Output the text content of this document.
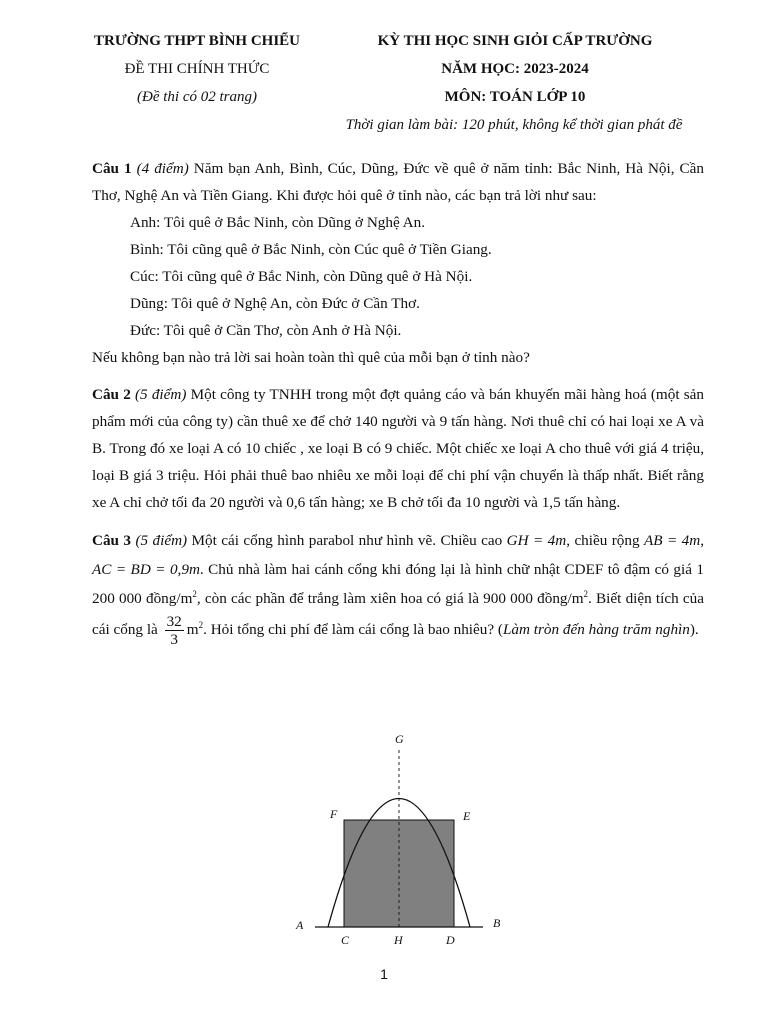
TRƯỜNG THPT BÌNH CHIỂU
ĐỀ THI CHÍNH THỨC
(Đề thi có 02 trang)
KỲ THI HỌC SINH GIỎI CẤP TRƯỜNG
NĂM HỌC: 2023-2024
MÔN: TOÁN LỚP 10
Thời gian làm bài: 120 phút, không kể thời gian phát đề

Câu 1 (4 điểm) Năm bạn Anh, Bình, Cúc, Dũng, Đức về quê ở năm tỉnh: Bắc Ninh, Hà Nội, Cần Thơ, Nghệ An và Tiền Giang. Khi được hỏi quê ở tỉnh nào, các bạn trả lời như sau:

Anh: Tôi quê ở Bắc Ninh, còn Dũng ở Nghệ An.

Bình: Tôi cũng quê ở Bắc Ninh, còn Cúc quê ở Tiền Giang.

Cúc: Tôi cũng quê ở Bắc Ninh, còn Dũng quê ở Hà Nội.

Dũng: Tôi quê ở Nghệ An, còn Đức ở Cần Thơ.

Đức: Tôi quê ở Cần Thơ, còn Anh ở Hà Nội.

Nếu không bạn nào trả lời sai hoàn toàn thì quê của mỗi bạn ở tỉnh nào?

Câu 2 (5 điểm) Một công ty TNHH trong một đợt quảng cáo và bán khuyến mãi hàng hoá (một sản phẩm mới của công ty) cần thuê xe để chở 140 người và 9 tấn hàng. Nơi thuê chỉ có hai loại xe A và B. Trong đó xe loại A có 10 chiếc , xe loại B có 9 chiếc. Một chiếc xe loại A cho thuê với giá 4 triệu, loại B giá 3 triệu. Hỏi phải thuê bao nhiêu xe mỗi loại để chi phí vận chuyển là thấp nhất. Biết rằng xe A chỉ chở tối đa 20 người và 0,6 tấn hàng; xe B chở tối đa 10 người và 1,5 tấn hàng.

Câu 3 (5 điểm) Một cái cổng hình parabol như hình vẽ. Chiều cao GH = 4m, chiều rộng AB = 4m, AC = BD = 0,9m. Chủ nhà làm hai cánh cổng khi đóng lại là hình chữ nhật CDEF tô đậm có giá 1 200 000 đồng/$m^2$, còn các phần để trắng làm xiên hoa có giá là 900 000 đồng/$m^2$. Biết diện tích của cái cổng là $\frac{32}{3} m^2$. Hỏi tổng chi phí để làm cái cổng là bao nhiêu? (Làm tròn đến hàng trăm nghìn).

G
F	E
A	B
C	H	D
1
